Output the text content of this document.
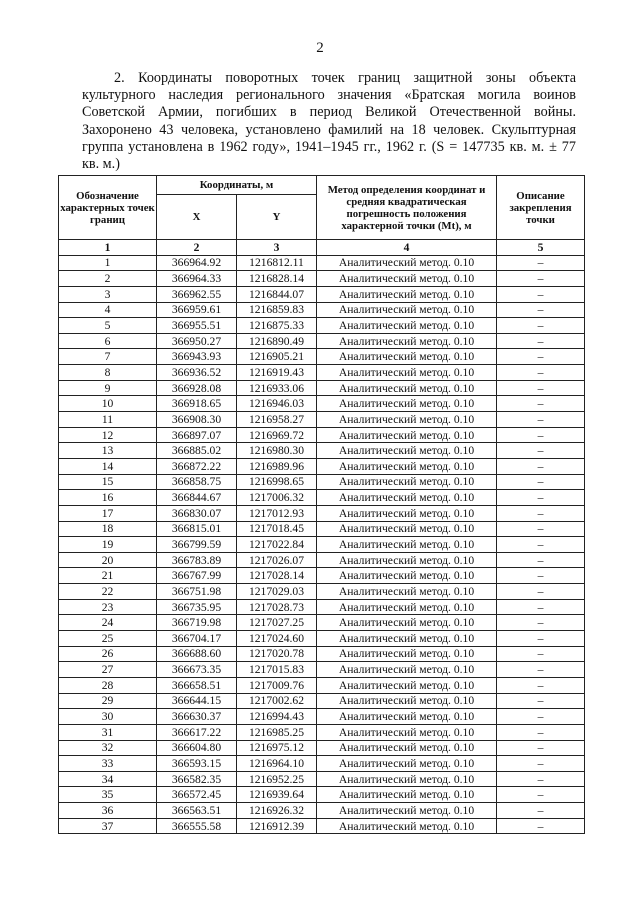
2
2. Координаты поворотных точек границ защитной зоны объекта культурного наследия регионального значения «Братская могила воинов Советской Армии, погибших в период Великой Отечественной войны. Захоронено 43 человека, установлено фамилий на 18 человек. Скульптурная группа установлена в 1962 году», 1941–1945 гг., 1962 г. (S = 147735 кв. м. ± 77 кв. м.)
Обозначение характерных точек границ	Координаты, м		Метод определения координат и средняя квадратическая погрешность положения характерной точки (Mt), м	Описание закрепления точки
	X	Y		
1	2	3	4	5
1	366964.92	1216812.11	Аналитический метод. 0.10	–
2	366964.33	1216828.14	Аналитический метод. 0.10	–
3	366962.55	1216844.07	Аналитический метод. 0.10	–
4	366959.61	1216859.83	Аналитический метод. 0.10	–
5	366955.51	1216875.33	Аналитический метод. 0.10	–
6	366950.27	1216890.49	Аналитический метод. 0.10	–
7	366943.93	1216905.21	Аналитический метод. 0.10	–
8	366936.52	1216919.43	Аналитический метод. 0.10	–
9	366928.08	1216933.06	Аналитический метод. 0.10	–
10	366918.65	1216946.03	Аналитический метод. 0.10	–
11	366908.30	1216958.27	Аналитический метод. 0.10	–
12	366897.07	1216969.72	Аналитический метод. 0.10	–
13	366885.02	1216980.30	Аналитический метод. 0.10	–
14	366872.22	1216989.96	Аналитический метод. 0.10	–
15	366858.75	1216998.65	Аналитический метод. 0.10	–
16	366844.67	1217006.32	Аналитический метод. 0.10	–
17	366830.07	1217012.93	Аналитический метод. 0.10	–
18	366815.01	1217018.45	Аналитический метод. 0.10	–
19	366799.59	1217022.84	Аналитический метод. 0.10	–
20	366783.89	1217026.07	Аналитический метод. 0.10	–
21	366767.99	1217028.14	Аналитический метод. 0.10	–
22	366751.98	1217029.03	Аналитический метод. 0.10	–
23	366735.95	1217028.73	Аналитический метод. 0.10	–
24	366719.98	1217027.25	Аналитический метод. 0.10	–
25	366704.17	1217024.60	Аналитический метод. 0.10	–
26	366688.60	1217020.78	Аналитический метод. 0.10	–
27	366673.35	1217015.83	Аналитический метод. 0.10	–
28	366658.51	1217009.76	Аналитический метод. 0.10	–
29	366644.15	1217002.62	Аналитический метод. 0.10	–
30	366630.37	1216994.43	Аналитический метод. 0.10	–
31	366617.22	1216985.25	Аналитический метод. 0.10	–
32	366604.80	1216975.12	Аналитический метод. 0.10	–
33	366593.15	1216964.10	Аналитический метод. 0.10	–
34	366582.35	1216952.25	Аналитический метод. 0.10	–
35	366572.45	1216939.64	Аналитический метод. 0.10	–
36	366563.51	1216926.32	Аналитический метод. 0.10	–
37	366555.58	1216912.39	Аналитический метод. 0.10	–
